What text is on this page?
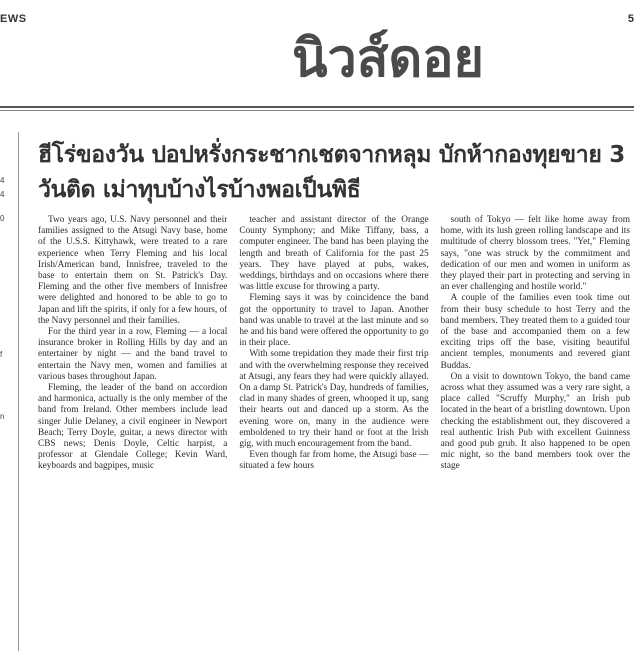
EWS	5
นิวส์ดอย
4
4
0
f
n
ฮีโร่ของวัน ปอปหรั่งกระชากเชตจากหลุม บักห้ากองทุยขาย 3 วันติด เม่าทุบบ้างไรบ้างพอเป็นพิธี

Two years ago, U.S. Navy personnel and their families assigned to the Atsugi Navy base, home of the U.S.S. Kittyhawk, were treated to a rare experience when Terry Fleming and his local Irish/American band, Innisfree, traveled to the base to entertain them on St. Patrick's Day. Fleming and the other five members of Innisfree were delighted and honored to be able to go to Japan and lift the spirits, if only for a few hours, of the Navy personnel and their families.

For the third year in a row, Fleming — a local insurance broker in Rolling Hills by day and an entertainer by night — and the band travel to entertain the Navy men, women and families at various bases throughout Japan.

Fleming, the leader of the band on accordion and harmonica, actually is the only member of the band from Ireland. Other members include lead singer Julie Delaney, a civil engineer in Newport Beach; Terry Doyle, guitar, a news director with CBS news; Denis Doyle, Celtic harpist, a professor at Glendale College; Kevin Ward, keyboards and bagpipes, music

teacher and assistant director of the Orange County Symphony; and Mike Tiffany, bass, a computer engineer. The band has been playing the length and breath of California for the past 25 years. They have played at pubs, wakes, weddings, birthdays and on occasions where there was little excuse for throwing a party.

Fleming says it was by coincidence the band got the opportunity to travel to Japan. Another band was unable to travel at the last minute and so he and his band were offered the opportunity to go in their place.

With some trepidation they made their first trip and with the overwhelming response they received at Atsugi, any fears they had were quickly allayed. On a damp St. Patrick's Day, hundreds of families, clad in many shades of green, whooped it up, sang their hearts out and danced up a storm. As the evening wore on, many in the audience were emboldened to try their hand or foot at the Irish gig, with much encouragement from the band.

Even though far from home, the Atsugi base — situated a few hours

south of Tokyo — felt like home away from home, with its lush green rolling landscape and its multitude of cherry blossom trees. "Yet," Fleming says, "one was struck by the commitment and dedication of our men and women in uniform as they played their part in protecting and serving in an ever challenging and hostile world."

A couple of the families even took time out from their busy schedule to host Terry and the band members. They treated them to a guided tour of the base and accompanied them on a few exciting trips off the base, visiting beautiful ancient temples, monuments and revered giant Buddas.

On a visit to downtown Tokyo, the band came across what they assumed was a very rare sight, a place called "Scruffy Murphy," an Irish pub located in the heart of a bristling downtown. Upon checking the establishment out, they discovered a real authentic Irish Pub with excellent Guinness and good pub grub. It also happened to be open mic night, so the band members took over the stage
